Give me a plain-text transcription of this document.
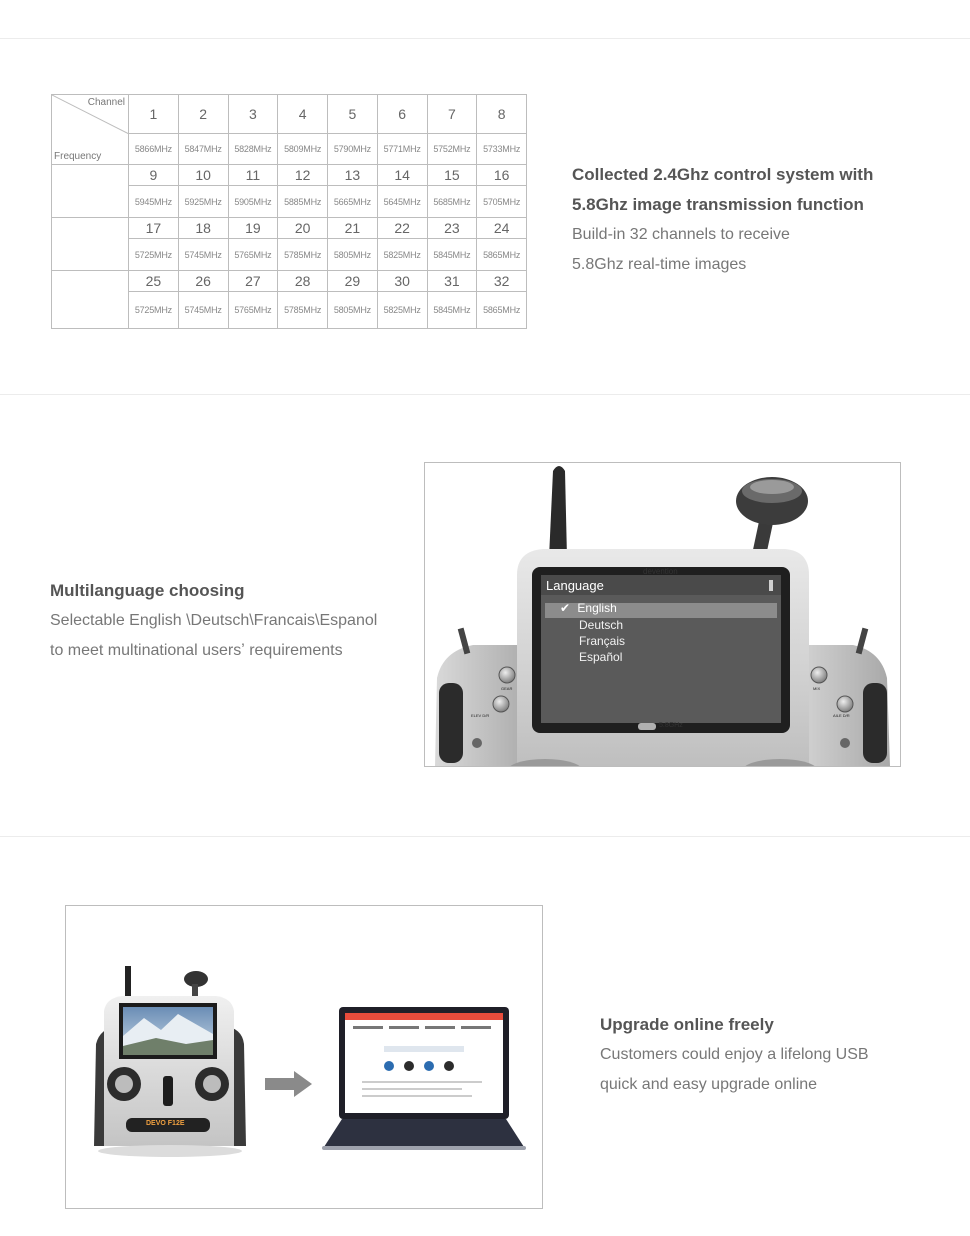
Channel
Frequency	1	2	3	4	5	6	7	8
	5866MHz	5847MHz	5828MHz	5809MHz	5790MHz	5771MHz	5752MHz	5733MHz
	9	10	11	12	13	14	15	16
	5945MHz	5925MHz	5905MHz	5885MHz	5665MHz	5645MHz	5685MHz	5705MHz
	17	18	19	20	21	22	23	24
	5725MHz	5745MHz	5765MHz	5785MHz	5805MHz	5825MHz	5845MHz	5865MHz
	25	26	27	28	29	30	31	32
	5725MHz	5745MHz	5765MHz	5785MHz	5805MHz	5825MHz	5845MHz	5865MHz

Collected 2.4Ghz control system with

5.8Ghz image transmission function

Build-in 32 channels to receive

5.8Ghz real-time images

Multilanguage choosing

Selectable English \Deutsch\Francais\Espanol

to meet multinational usersʼ requirements

devention
Language
✔ English
Deutsch
Français
Español
5.8GHz
GEAR
ELEV D/R
MIX
AILE D/R
DEVO F12E

Upgrade online freely

Customers could enjoy a lifelong USB

quick and easy upgrade online
